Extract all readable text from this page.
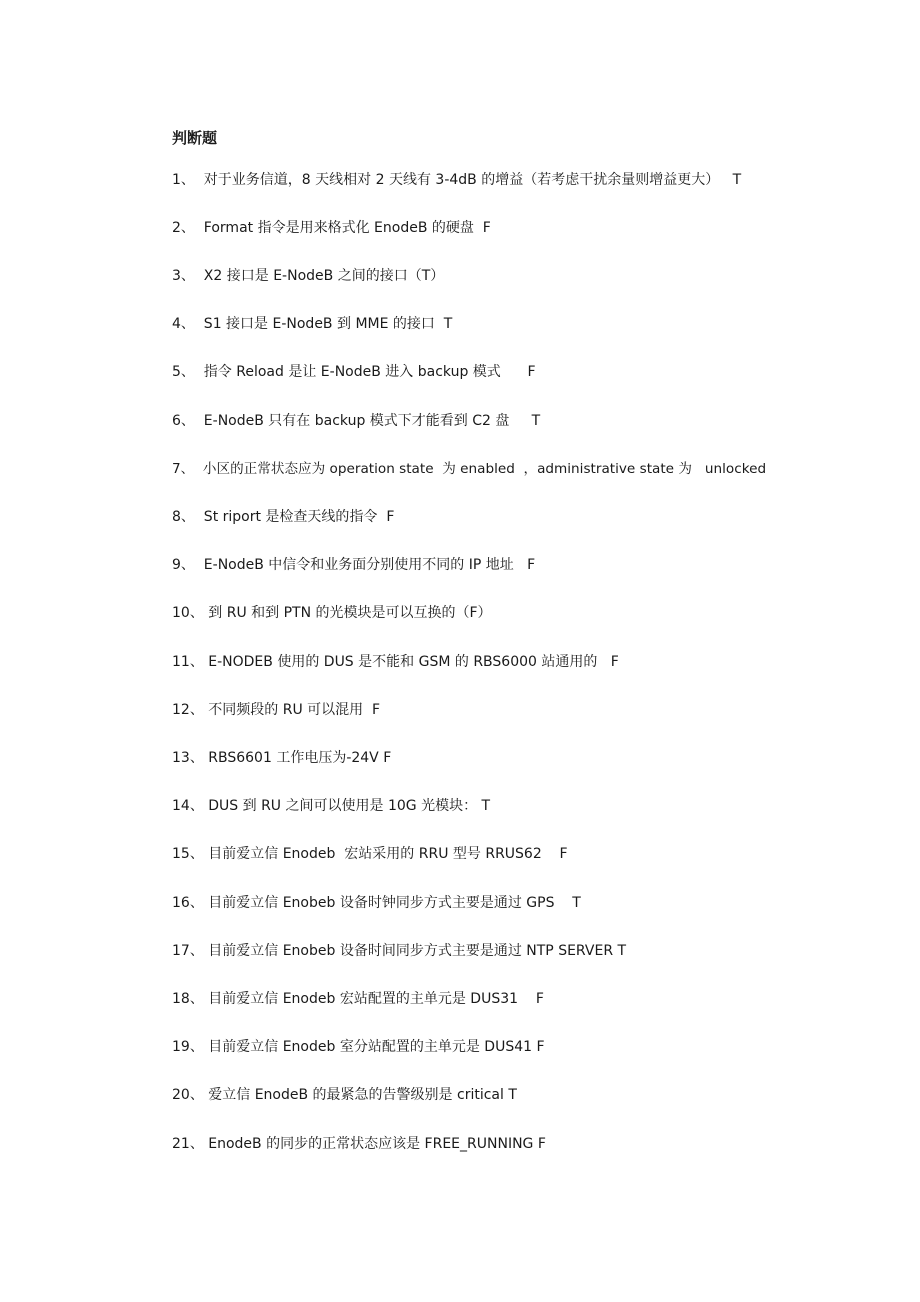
判断题
1、  对于业务信道，8 天线相对 2 天线有 3-4dB 的增益（若考虑干扰余量则增益更大）   T
2、  Format 指令是用来格式化 EnodeB 的硬盘  F
3、  X2 接口是 E-NodeB 之间的接口（T）
4、  S1 接口是 E-NodeB 到 MME 的接口  T
5、  指令 Reload 是让 E-NodeB 进入 backup 模式      F
6、  E-NodeB 只有在 backup 模式下才能看到 C2 盘     T
7、  小区的正常状态应为 operation state  为 enabled  ，administrative state 为   unlocked
8、  St riport 是检查天线的指令  F
9、  E-NodeB 中信令和业务面分别使用不同的 IP 地址   F
10、 到 RU 和到 PTN 的光模块是可以互换的（F）
11、 E-NODEB 使用的 DUS 是不能和 GSM 的 RBS6000 站通用的   F
12、 不同频段的 RU 可以混用  F
13、 RBS6601 工作电压为-24V F
14、 DUS 到 RU 之间可以使用是 10G 光模块： T
15、 目前爱立信 Enodeb  宏站采用的 RRU 型号 RRUS62    F
16、 目前爱立信 Enobeb 设备时钟同步方式主要是通过 GPS    T
17、 目前爱立信 Enobeb 设备时间同步方式主要是通过 NTP SERVER T
18、 目前爱立信 Enodeb 宏站配置的主单元是 DUS31    F
19、 目前爱立信 Enodeb 室分站配置的主单元是 DUS41 F
20、 爱立信 EnodeB 的最紧急的告警级别是 critical T
21、 EnodeB 的同步的正常状态应该是 FREE_RUNNING F
